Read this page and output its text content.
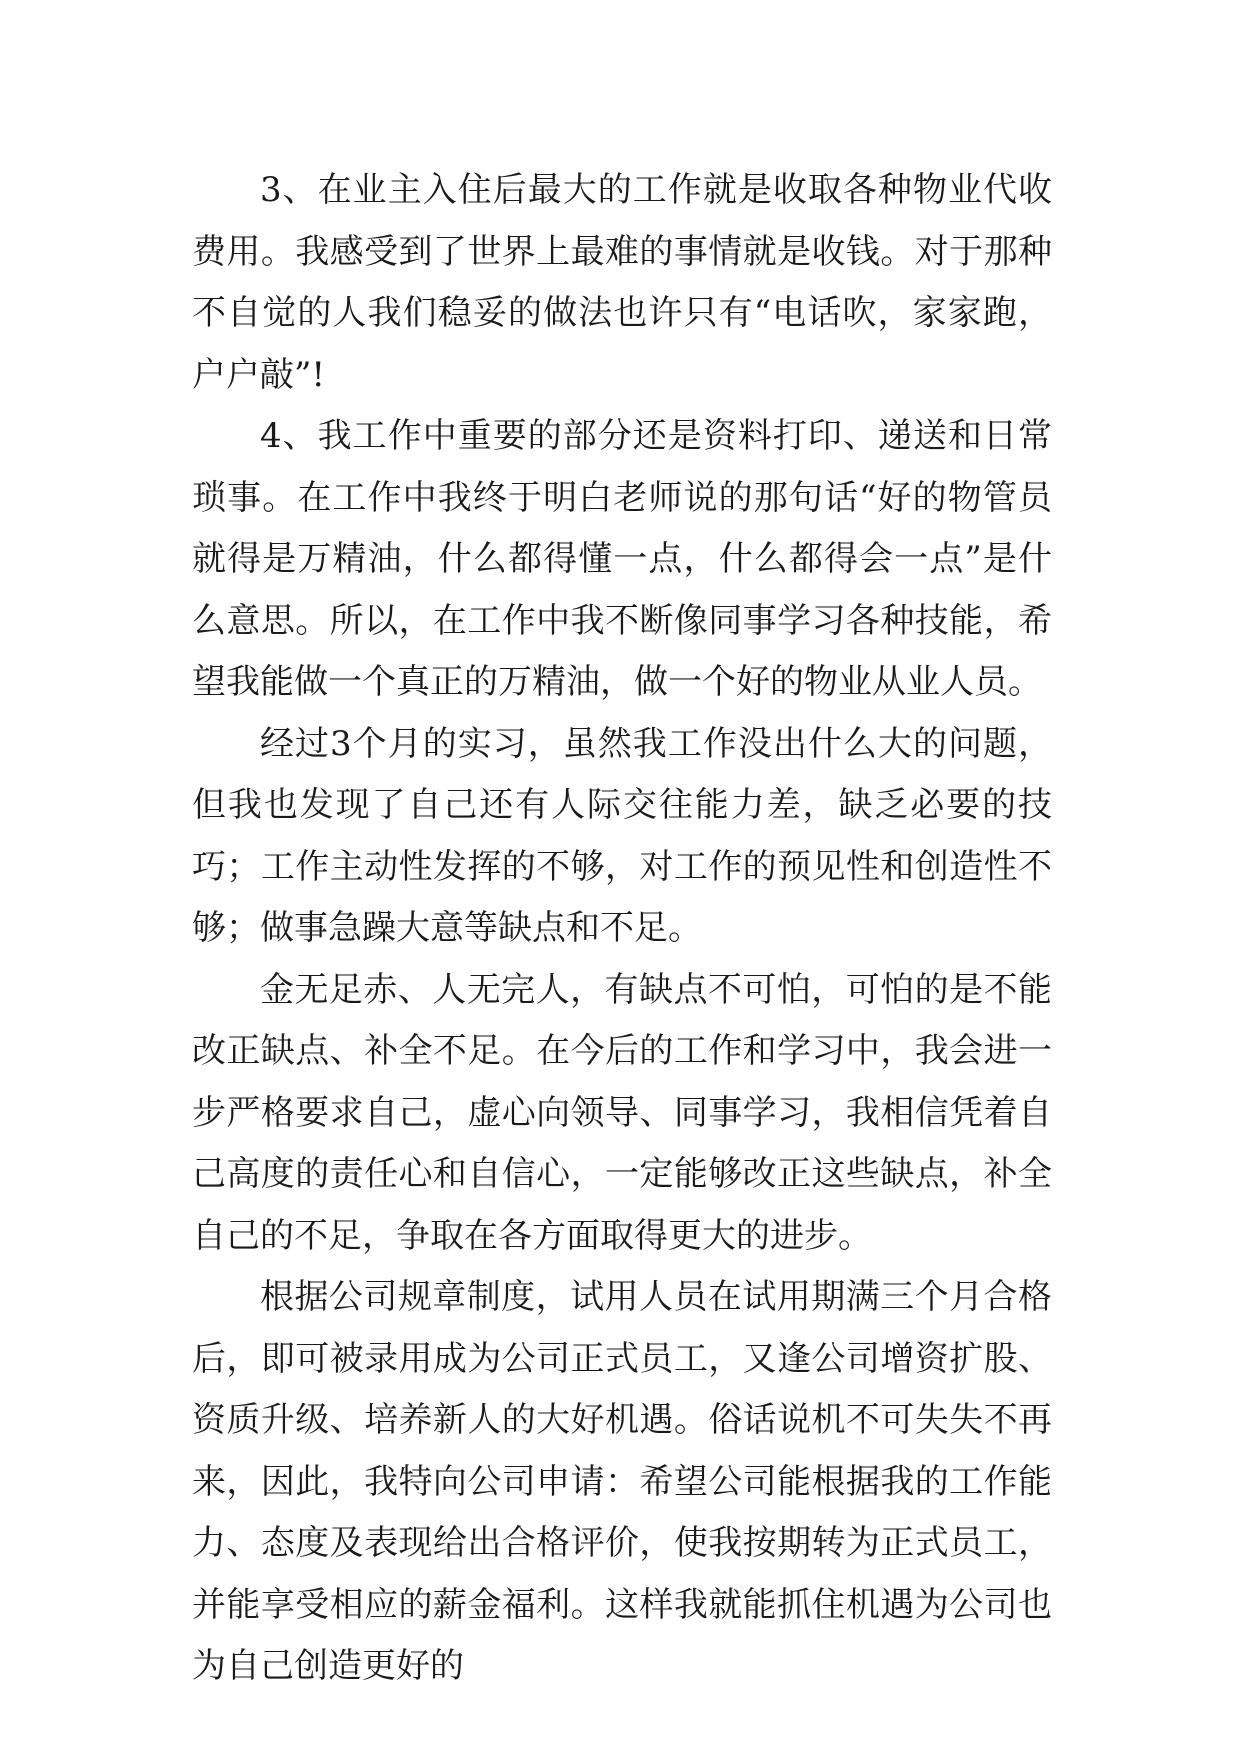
3、在业主入住后最大的工作就是收取各种物业代收费用。我感受到了世界上最难的事情就是收钱。对于那种不自觉的人我们稳妥的做法也许只有“电话吹，家家跑，户户敲”!

4、我工作中重要的部分还是资料打印、递送和日常琐事。在工作中我终于明白老师说的那句话“好的物管员就得是万精油，什么都得懂一点，什么都得会一点”是什么意思。所以，在工作中我不断像同事学习各种技能，希望我能做一个真正的万精油，做一个好的物业从业人员。

经过3个月的实习，虽然我工作没出什么大的问题，但我也发现了自己还有人际交往能力差，缺乏必要的技巧；工作主动性发挥的不够，对工作的预见性和创造性不够；做事急躁大意等缺点和不足。

金无足赤、人无完人，有缺点不可怕，可怕的是不能改正缺点、补全不足。在今后的工作和学习中，我会进一步严格要求自己，虚心向领导、同事学习，我相信凭着自己高度的责任心和自信心，一定能够改正这些缺点，补全自己的不足，争取在各方面取得更大的进步。

根据公司规章制度，试用人员在试用期满三个月合格后，即可被录用成为公司正式员工，又逢公司增资扩股、资质升级、培养新人的大好机遇。俗话说机不可失失不再来，因此，我特向公司申请：希望公司能根据我的工作能力、态度及表现给出合格评价，使我按期转为正式员工，并能享受相应的薪金福利。这样我就能抓住机遇为公司也为自己创造更好的
